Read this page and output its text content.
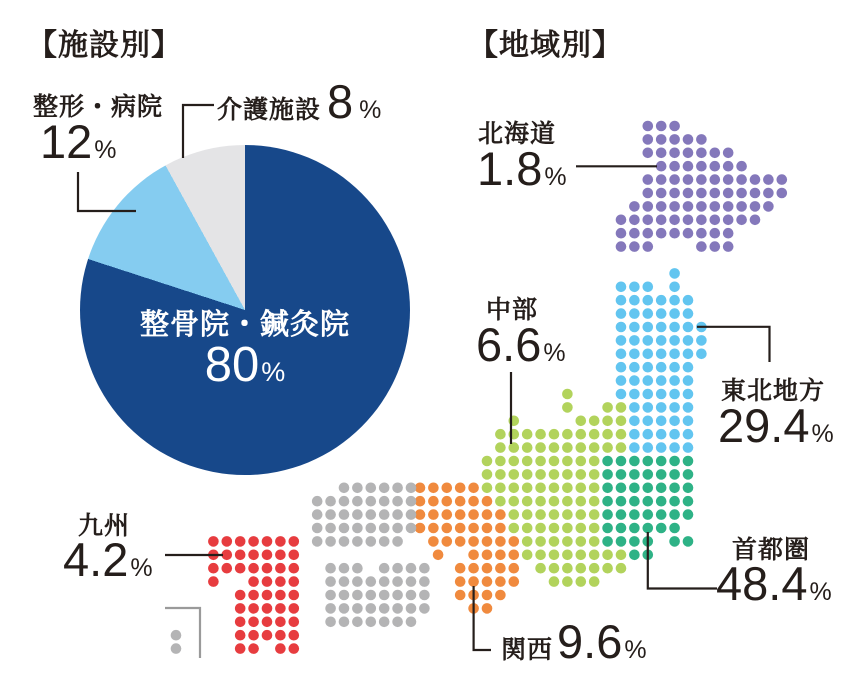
【施設別】	【地域別】
整骨院・鍼灸院
80 %
整形・病院
12 %
介護施設 8 %
北海道
1.8 %
中部
6.6 %
東北地方
29.4 %
首都圏
48.4 %
関西 9.6 %
九州
4.2 %
